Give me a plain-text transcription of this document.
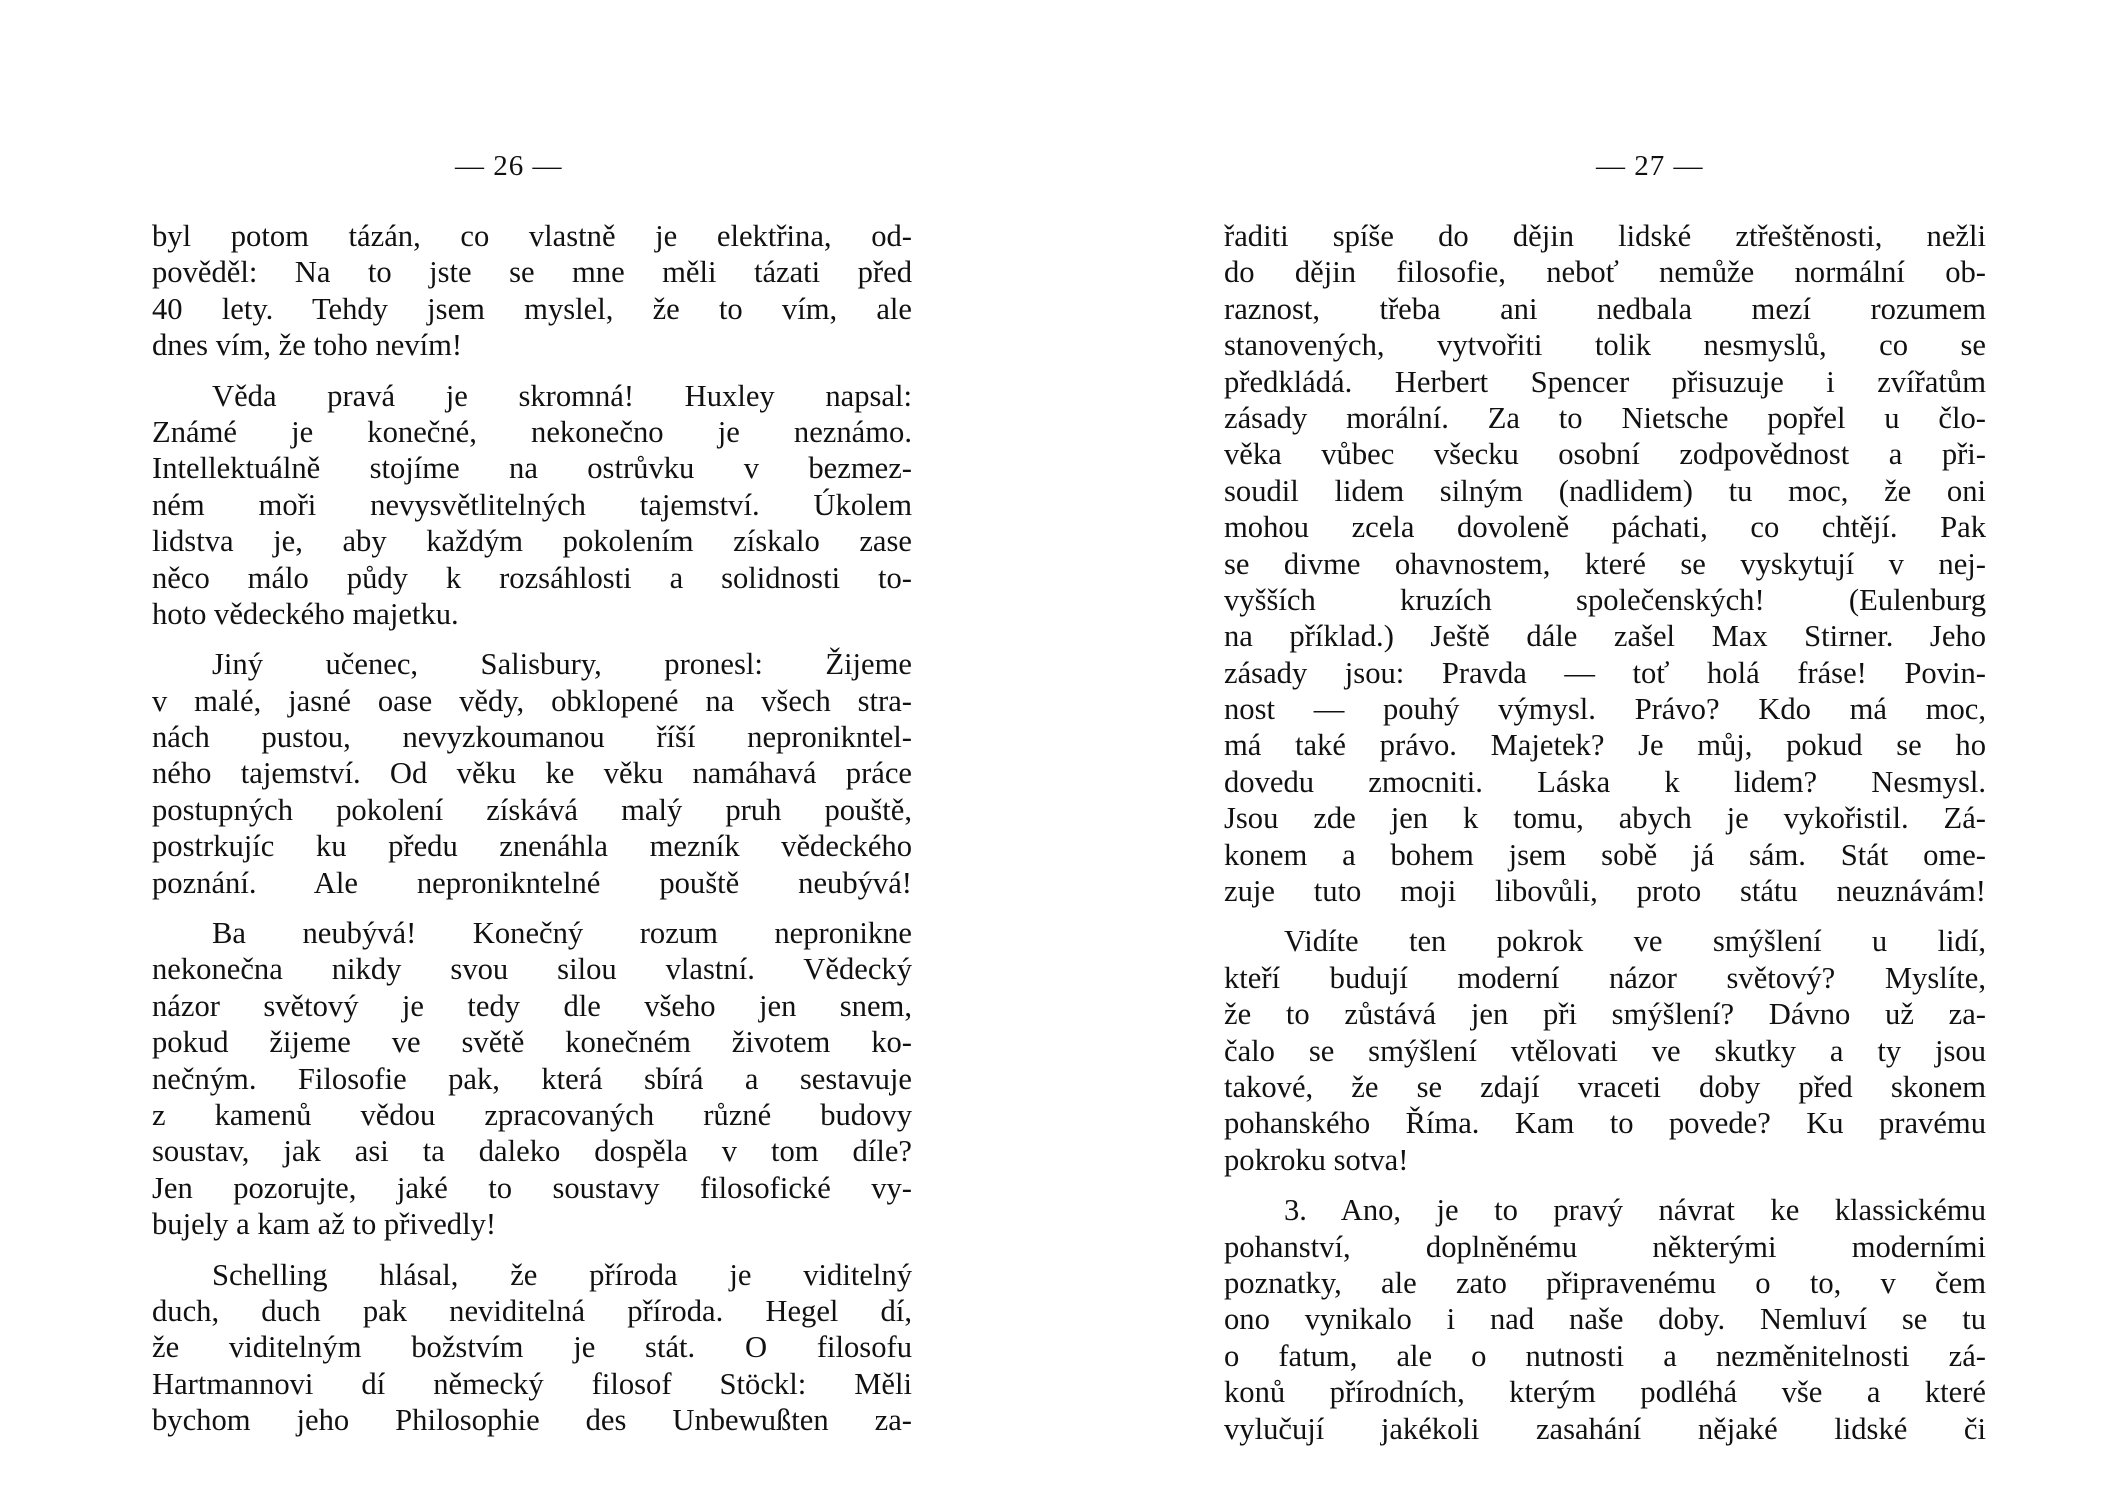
— 26 —
byl potom tázán, co vlastně je elektřina, od-
pověděl: Na to jste se mne měli tázati před
40 lety. Tehdy jsem myslel, že to vím, ale
dnes vím, že toho nevím!
Věda pravá je skromná! Huxley napsal:
Známé je konečné, nekonečno je neznámo.
Intellektuálně stojíme na ostrůvku v bezmez-
ném moři nevysvětlitelných tajemství. Úkolem
lidstva je, aby každým pokolením získalo zase
něco málo půdy k rozsáhlosti a solidnosti to-
hoto vědeckého majetku.
Jiný učenec, Salisbury, pronesl: Žijeme
v malé, jasné oase vědy, obklopené na všech stra-
nách pustou, nevyzkoumanou říší nepronikntel-
ného tajemství. Od věku ke věku namáhavá práce
postupných pokolení získává malý pruh pouště,
postrkujíc ku předu znenáhla mezník vědeckého
poznání. Ale nepronikntelné pouště neubývá!
Ba neubývá! Konečný rozum nepronikne
nekonečna nikdy svou silou vlastní. Vědecký
názor světový je tedy dle všeho jen snem,
pokud žijeme ve světě konečném životem ko-
nečným. Filosofie pak, která sbírá a sestavuje
z kamenů vědou zpracovaných různé budovy
soustav, jak asi ta daleko dospěla v tom díle?
Jen pozorujte, jaké to soustavy filosofické vy-
bujely a kam až to přivedly!
Schelling hlásal, že příroda je viditelný
duch, duch pak neviditelná příroda. Hegel dí,
že viditelným božstvím je stát. O filosofu
Hartmannovi dí německý filosof Stöckl: Měli
bychom jeho Philosophie des Unbewußten za-
— 27 —
řaditi spíše do dějin lidské ztřeštěnosti, nežli
do dějin filosofie, neboť nemůže normální ob-
raznost, třeba ani nedbala mezí rozumem
stanovených, vytvořiti tolik nesmyslů, co se
předkládá. Herbert Spencer přisuzuje i zvířatům
zásady morální. Za to Nietsche popřel u člo-
věka vůbec všecku osobní zodpovědnost a při-
soudil lidem silným (nadlidem) tu moc, že oni
mohou zcela dovoleně páchati, co chtějí. Pak
se divme ohavnostem, které se vyskytují v nej-
vyšších kruzích společenských! (Eulenburg
na příklad.) Ještě dále zašel Max Stirner. Jeho
zásady jsou: Pravda — toť holá fráse! Povin-
nost — pouhý výmysl. Právo? Kdo má moc,
má také právo. Majetek? Je můj, pokud se ho
dovedu zmocniti. Láska k lidem? Nesmysl.
Jsou zde jen k tomu, abych je vykořistil. Zá-
konem a bohem jsem sobě já sám. Stát ome-
zuje tuto moji libovůli, proto státu neuznávám!
Vidíte ten pokrok ve smýšlení u lidí,
kteří budují moderní názor světový? Myslíte,
že to zůstává jen při smýšlení? Dávno už za-
čalo se smýšlení vtělovati ve skutky a ty jsou
takové, že se zdají vraceti doby před skonem
pohanského Říma. Kam to povede? Ku pravému
pokroku sotva!
3. Ano, je to pravý návrat ke klassickému
pohanství, doplněnému některými moderními
poznatky, ale zato připravenému o to, v čem
ono vynikalo i nad naše doby. Nemluví se tu
o fatum, ale o nutnosti a nezměnitelnosti zá-
konů přírodních, kterým podléhá vše a které
vylučují jakékoli zasahání nějaké lidské či
